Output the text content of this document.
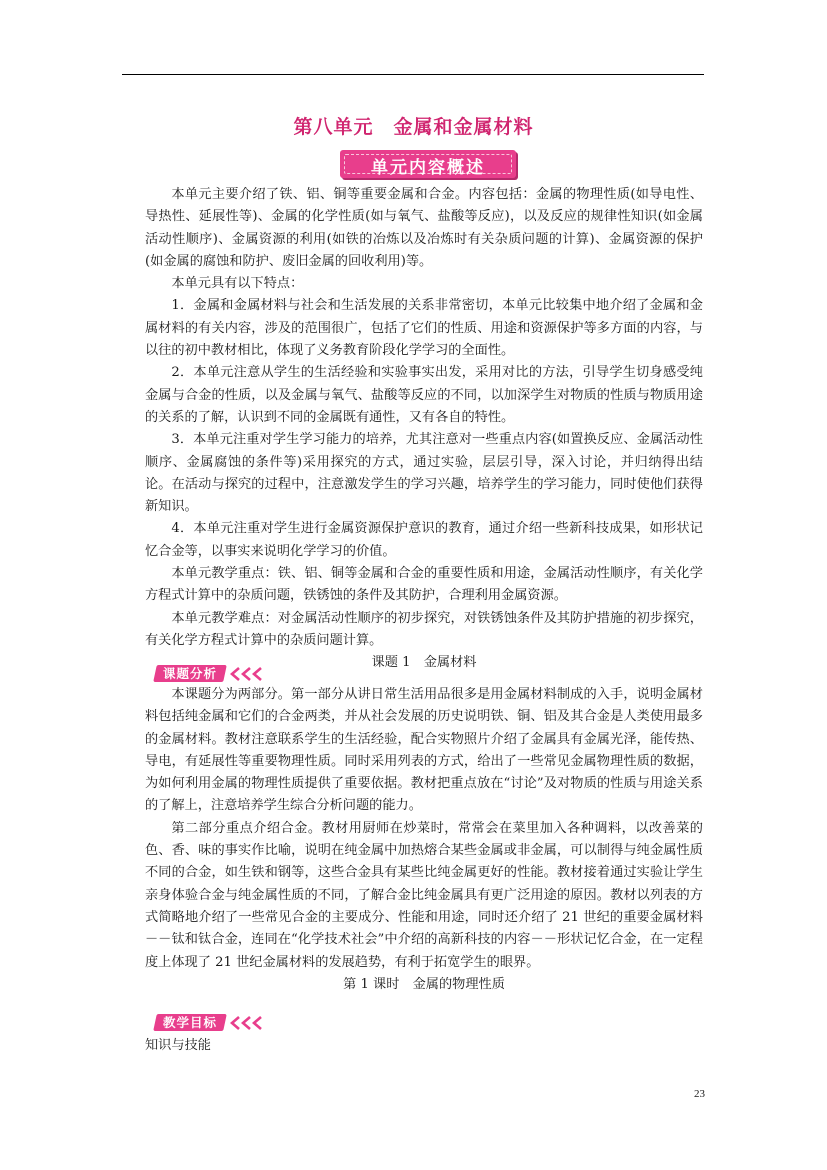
第八单元　金属和金属材料
单元内容概述

本单元主要介绍了铁、铝、铜等重要金属和合金。内容包括：金属的物理性质(如导电性、导热性、延展性等)、金属的化学性质(如与氧气、盐酸等反应)，以及反应的规律性知识(如金属活动性顺序)、金属资源的利用(如铁的冶炼以及冶炼时有关杂质问题的计算)、金属资源的保护(如金属的腐蚀和防护、废旧金属的回收利用)等。

本单元具有以下特点：

1．金属和金属材料与社会和生活发展的关系非常密切，本单元比较集中地介绍了金属和金属材料的有关内容，涉及的范围很广，包括了它们的性质、用途和资源保护等多方面的内容，与以往的初中教材相比，体现了义务教育阶段化学学习的全面性。

2．本单元注意从学生的生活经验和实验事实出发，采用对比的方法，引导学生切身感受纯金属与合金的性质，以及金属与氧气、盐酸等反应的不同，以加深学生对物质的性质与物质用途的关系的了解，认识到不同的金属既有通性，又有各自的特性。

3．本单元注重对学生学习能力的培养，尤其注意对一些重点内容(如置换反应、金属活动性顺序、金属腐蚀的条件等)采用探究的方式，通过实验，层层引导，深入讨论，并归纳得出结论。在活动与探究的过程中，注意激发学生的学习兴趣，培养学生的学习能力，同时使他们获得新知识。

4．本单元注重对学生进行金属资源保护意识的教育，通过介绍一些新科技成果，如形状记忆合金等，以事实来说明化学学习的价值。

本单元教学重点：铁、铝、铜等金属和合金的重要性质和用途，金属活动性顺序，有关化学方程式计算中的杂质问题，铁锈蚀的条件及其防护，合理利用金属资源。

本单元教学难点：对金属活动性顺序的初步探究，对铁锈蚀条件及其防护措施的初步探究，有关化学方程式计算中的杂质问题计算。

课题 1　金属材料

课题分析

本课题分为两部分。第一部分从讲日常生活用品很多是用金属材料制成的入手，说明金属材料包括纯金属和它们的合金两类，并从社会发展的历史说明铁、铜、铝及其合金是人类使用最多的金属材料。教材注意联系学生的生活经验，配合实物照片介绍了金属具有金属光泽，能传热、导电，有延展性等重要物理性质。同时采用列表的方式，给出了一些常见金属物理性质的数据，为如何利用金属的物理性质提供了重要依据。教材把重点放在“讨论”及对物质的性质与用途关系的了解上，注意培养学生综合分析问题的能力。

第二部分重点介绍合金。教材用厨师在炒菜时，常常会在菜里加入各种调料，以改善菜的色、香、味的事实作比喻，说明在纯金属中加热熔合某些金属或非金属，可以制得与纯金属性质不同的合金，如生铁和钢等，这些合金具有某些比纯金属更好的性能。教材接着通过实验让学生亲身体验合金与纯金属性质的不同，了解合金比纯金属具有更广泛用途的原因。教材以列表的方式简略地介绍了一些常见合金的主要成分、性能和用途，同时还介绍了 21 世纪的重要金属材料－－钛和钛合金，连同在“化学技术社会”中介绍的高新科技的内容－－形状记忆合金，在一定程度上体现了 21 世纪金属材料的发展趋势，有利于拓宽学生的眼界。

第 1 课时　金属的物理性质

教学目标
知识与技能
23
